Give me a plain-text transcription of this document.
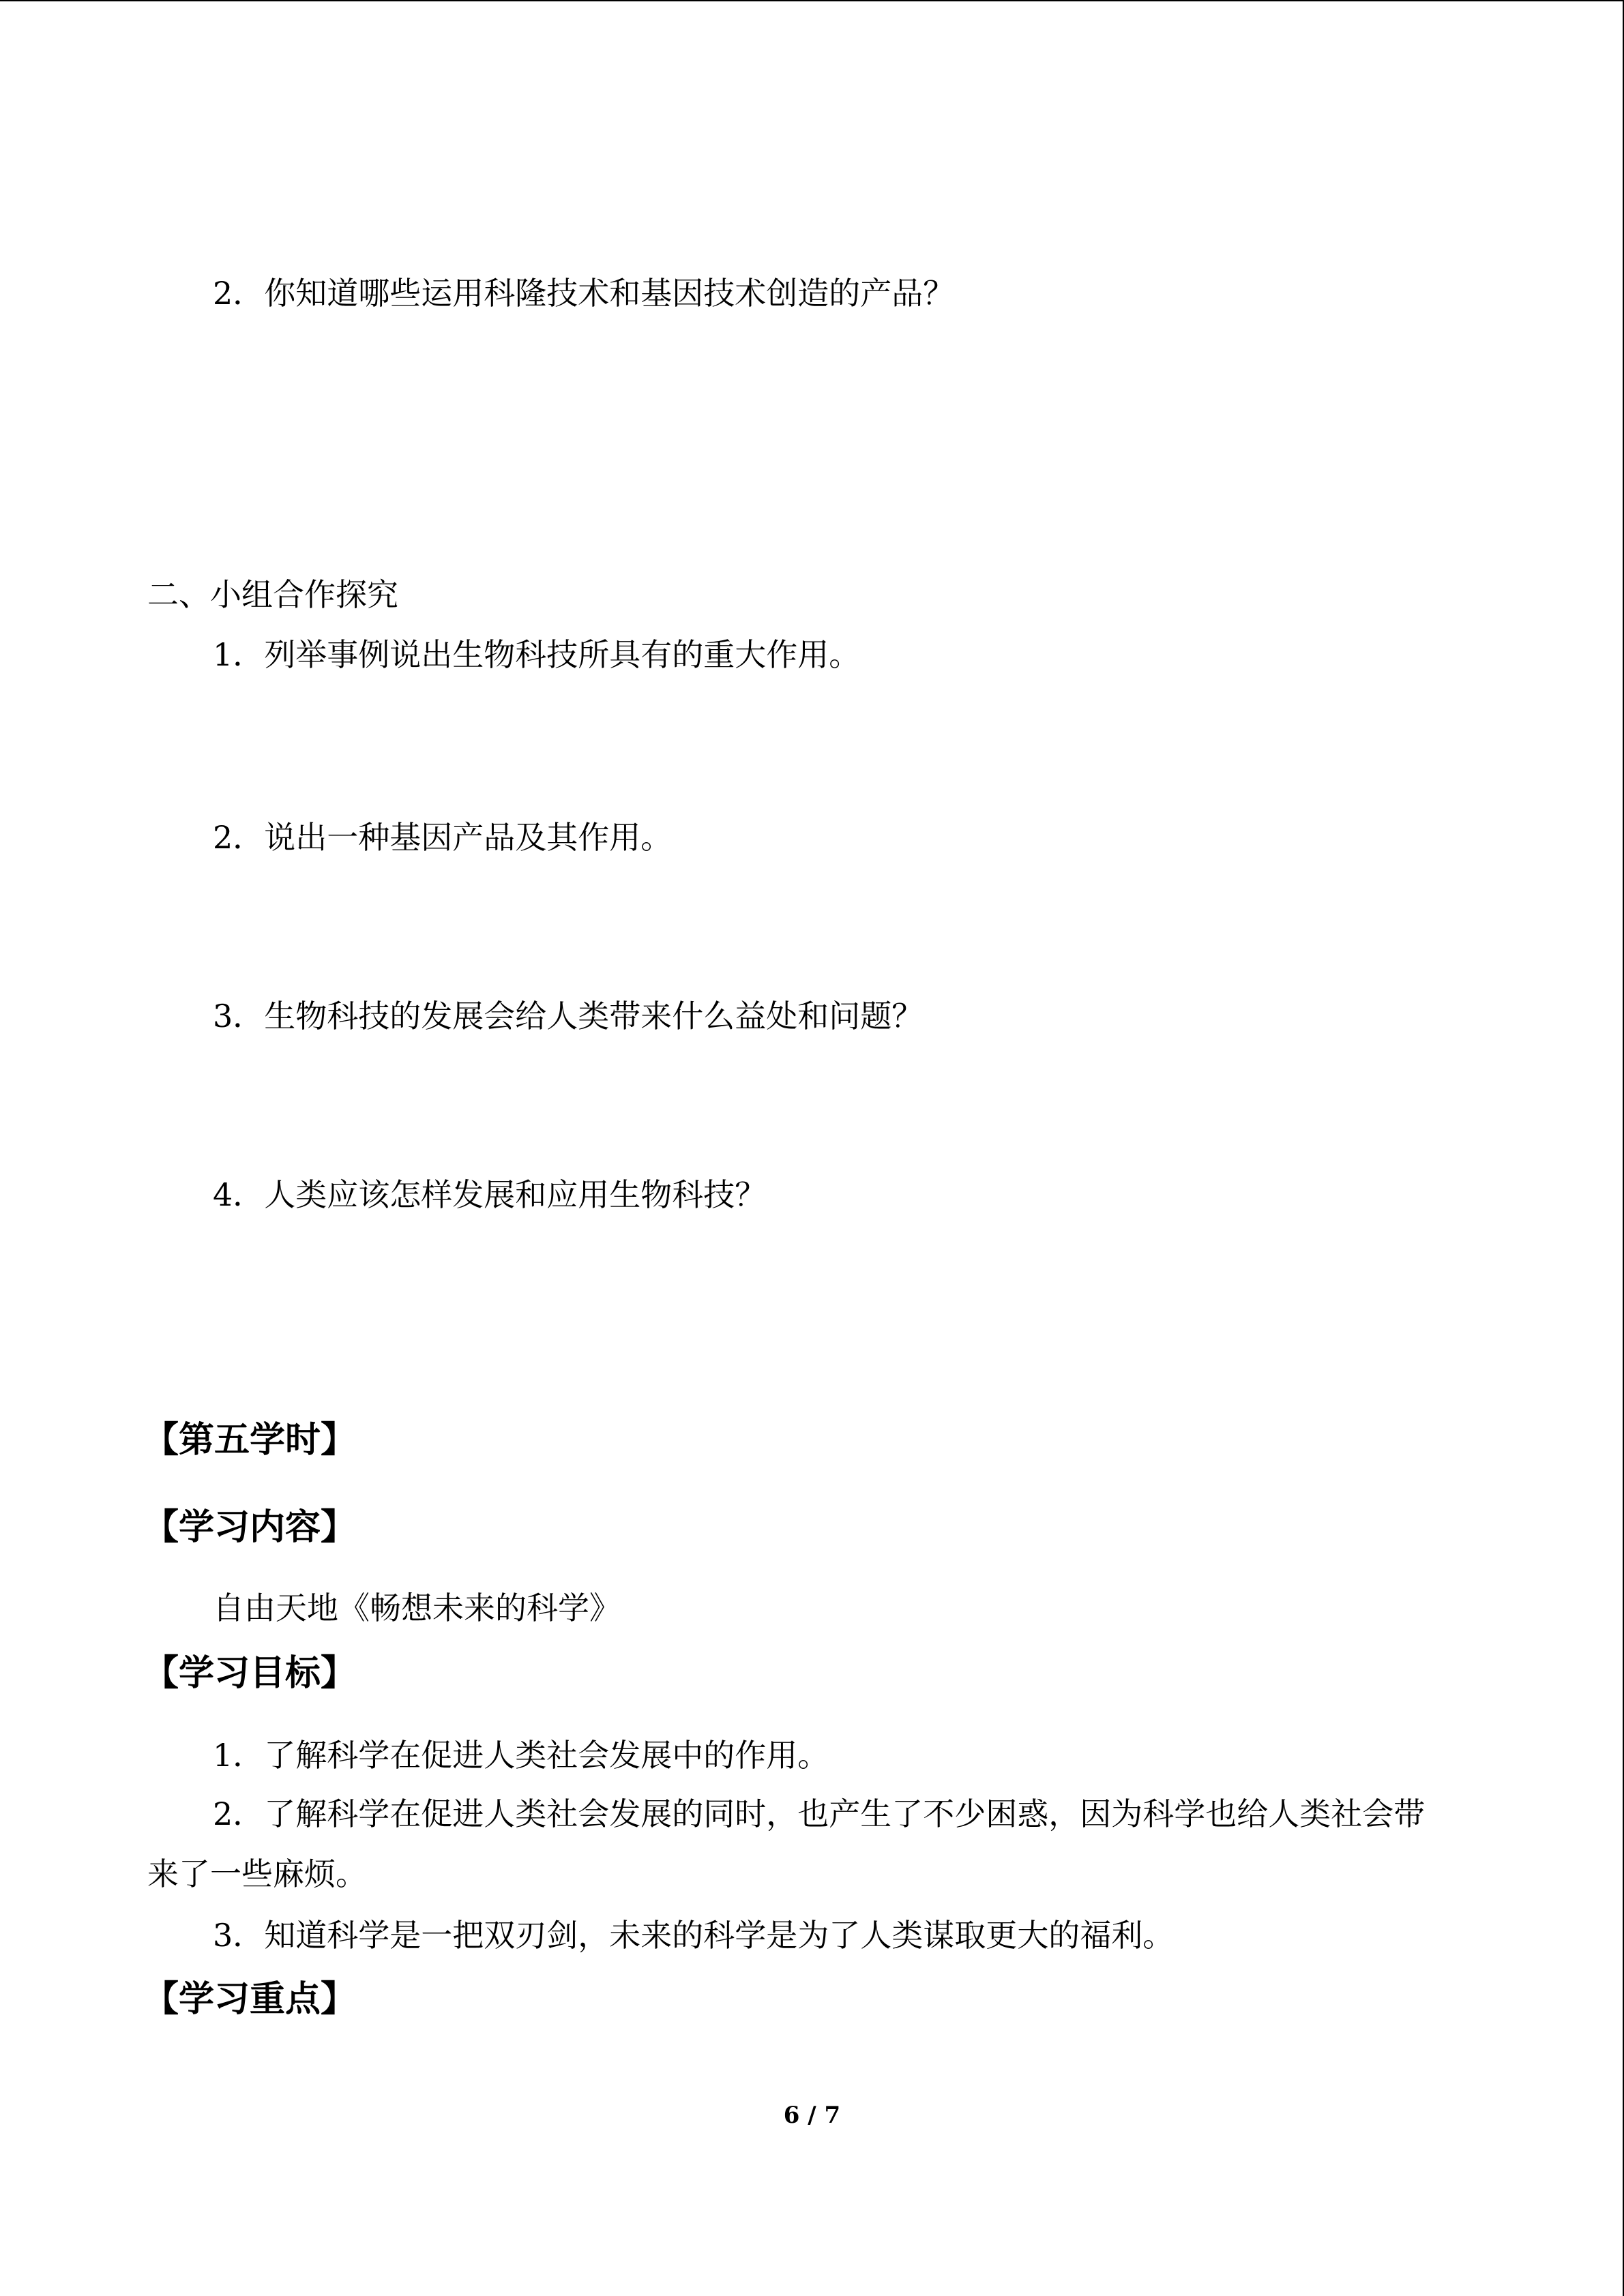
2．你知道哪些运用科隆技术和基因技术创造的产品？
二、小组合作探究
1．列举事例说出生物科技所具有的重大作用。
2．说出一种基因产品及其作用。
3．生物科技的发展会给人类带来什么益处和问题？
4．人类应该怎样发展和应用生物科技？
【第五学时】
【学习内容】
自由天地《畅想未来的科学》
【学习目标】
1．了解科学在促进人类社会发展中的作用。
2．了解科学在促进人类社会发展的同时，也产生了不少困惑，因为科学也给人类社会带
来了一些麻烦。
3．知道科学是一把双刃剑，未来的科学是为了人类谋取更大的福利。
【学习重点】
6 / 7
